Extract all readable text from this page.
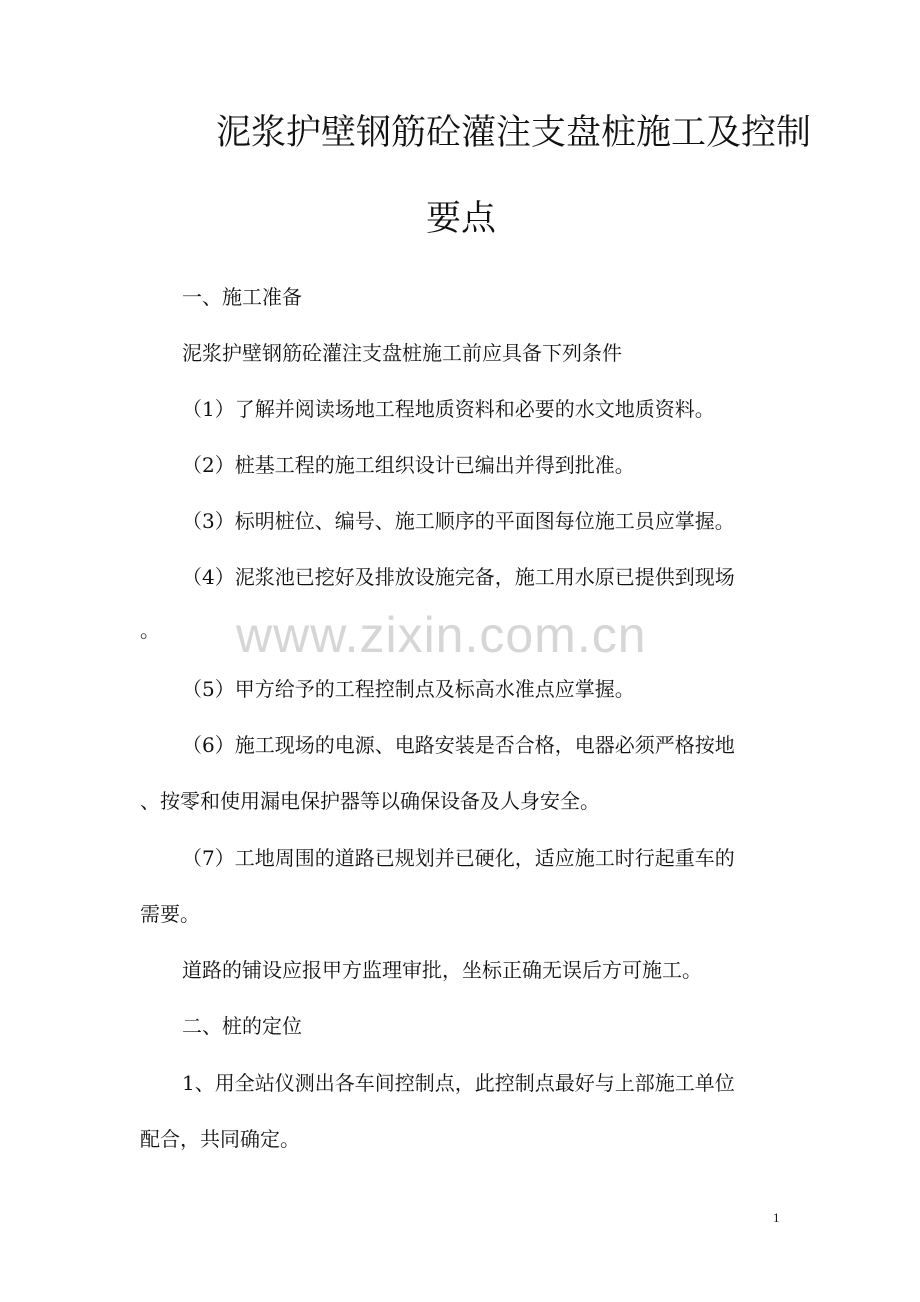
泥浆护壁钢筋砼灌注支盘桩施工及控制
要点
一、施工准备
泥浆护壁钢筋砼灌注支盘桩施工前应具备下列条件
（1）了解并阅读场地工程地质资料和必要的水文地质资料。
（2）桩基工程的施工组织设计已编出并得到批准。
（3）标明桩位、编号、施工顺序的平面图每位施工员应掌握。
（4）泥浆池已挖好及排放设施完备，施工用水原已提供到现场
。 www.zixin.com.cn
（5）甲方给予的工程控制点及标高水准点应掌握。
（6）施工现场的电源、电路安装是否合格，电器必须严格按地
、按零和使用漏电保护器等以确保设备及人身安全。
（7）工地周围的道路已规划并已硬化，适应施工时行起重车的
需要。
道路的铺设应报甲方监理审批，坐标正确无误后方可施工。
二、桩的定位
1、用全站仪测出各车间控制点，此控制点最好与上部施工单位
配合，共同确定。
1
